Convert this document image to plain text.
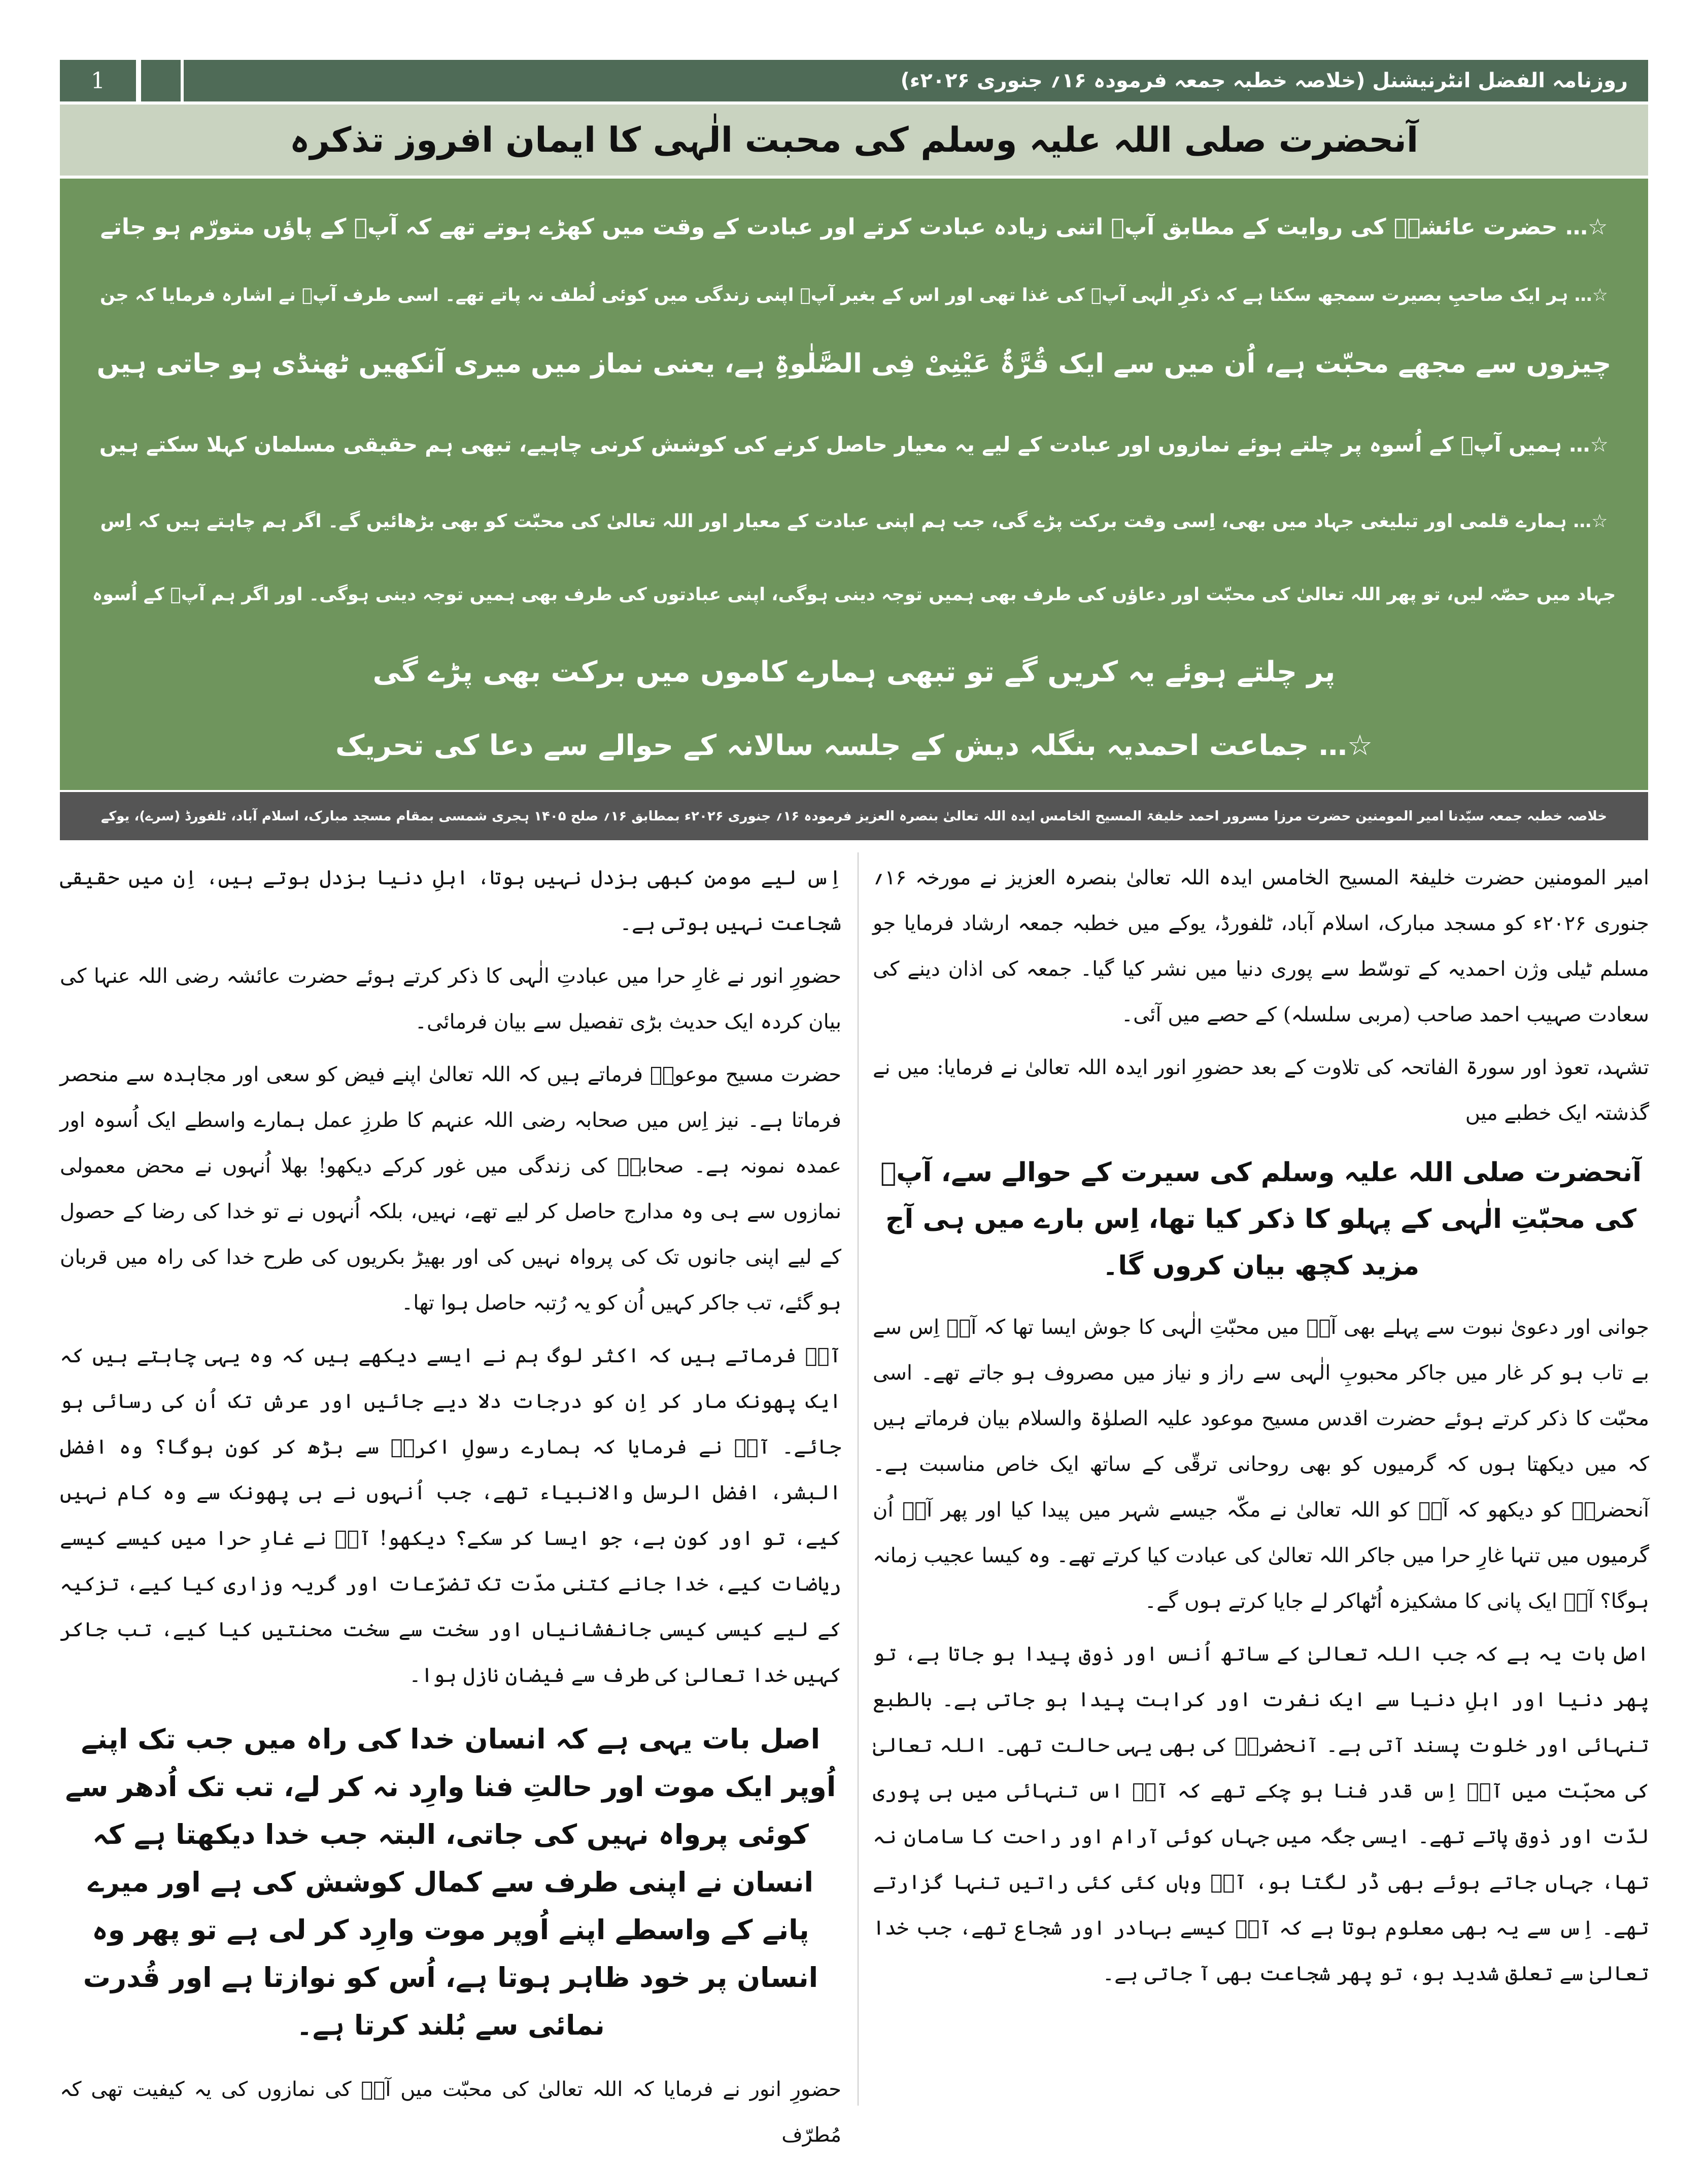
1	روزنامہ الفضل انٹرنیشنل (خلاصہ خطبہ جمعہ فرمودہ ۱۶؍ جنوری ۲۰۲۶ء)
آنحضرت صلی اللہ علیہ وسلم کی محبت الٰہی کا ایمان افروز تذکرہ
☆… حضرت عائشہؓ کی روایت کے مطابق آپؐ اتنی زیادہ عبادت کرتے اور عبادت کے وقت میں کھڑے ہوتے تھے کہ آپؐ کے پاؤں متورّم ہو جاتے
☆… ہر ایک صاحبِ بصیرت سمجھ سکتا ہے کہ ذکرِ الٰہی آپؐ کی غذا تھی اور اس کے بغیر آپؐ اپنی زندگی میں کوئی لُطف نہ پاتے تھے۔ اسی طرف آپؐ نے اشارہ فرمایا کہ جن
چیزوں سے مجھے محبّت ہے، اُن میں سے ایک قُرَّۃُ عَیْنِیْ فِی الصَّلٰوۃِ ہے، یعنی نماز میں میری آنکھیں ٹھنڈی ہو جاتی ہیں
☆… ہمیں آپؐ کے اُسوہ پر چلتے ہوئے نمازوں اور عبادت کے لیے یہ معیار حاصل کرنے کی کوشش کرنی چاہیے، تبھی ہم حقیقی مسلمان کہلا سکتے ہیں
☆… ہمارے قلمی اور تبلیغی جہاد میں بھی، اِسی وقت برکت پڑے گی، جب ہم اپنی عبادت کے معیار اور اللہ تعالیٰ کی محبّت کو بھی بڑھائیں گے۔ اگر ہم چاہتے ہیں کہ اِس
جہاد میں حصّہ لیں، تو پھر اللہ تعالیٰ کی محبّت اور دعاؤں کی طرف بھی ہمیں توجہ دینی ہوگی، اپنی عبادتوں کی طرف بھی ہمیں توجہ دینی ہوگی۔ اور اگر ہم آپؐ کے اُسوہ
پر چلتے ہوئے یہ کریں گے تو تبھی ہمارے کاموں میں برکت بھی پڑے گی
☆… جماعت احمدیہ بنگلہ دیش کے جلسہ سالانہ کے حوالے سے دعا کی تحریک
خلاصہ خطبہ جمعہ سیّدنا امیر المومنین حضرت مرزا مسرور احمد خلیفۃ المسیح الخامس ایدہ اللہ تعالیٰ بنصرہ العزیز فرمودہ ۱۶؍ جنوری ۲۰۲۶ء بمطابق ۱۶؍ صلح ۱۴۰۵ ہجری شمسی بمقام مسجد مبارک، اسلام آباد، ٹلفورڈ (سرے)، یوکے

امیر المومنین حضرت خلیفۃ المسیح الخامس ایدہ اللہ تعالیٰ بنصرہ العزیز نے مورخہ ۱۶؍ جنوری ۲۰۲۶ء کو مسجد مبارک، اسلام آباد، ٹلفورڈ، یوکے میں خطبہ جمعہ ارشاد فرمایا جو مسلم ٹیلی وژن احمدیہ کے توسّط سے پوری دنیا میں نشر کیا گیا۔ جمعہ کی اذان دینے کی سعادت صہیب احمد صاحب (مربی سلسلہ) کے حصے میں آئی۔

تشہد، تعوذ اور سورۃ الفاتحہ کی تلاوت کے بعد حضورِ انور ایدہ اللہ تعالیٰ نے فرمایا: میں نے گذشتہ ایک خطبے میں

آنحضرت صلی اللہ علیہ وسلم کی سیرت کے حوالے سے، آپؐ کی محبّتِ الٰہی کے پہلو کا ذکر کیا تھا، اِس بارے میں ہی آج مزید کچھ بیان کروں گا۔

جوانی اور دعویٰ نبوت سے پہلے بھی آپؐ میں محبّتِ الٰہی کا جوش ایسا تھا کہ آپؐ اِس سے بے تاب ہو کر غار میں جاکر محبوبِ الٰہی سے راز و نیاز میں مصروف ہو جاتے تھے۔ اسی محبّت کا ذکر کرتے ہوئے حضرت اقدس مسیح موعود علیہ الصلوٰۃ والسلام بیان فرماتے ہیں کہ میں دیکھتا ہوں کہ گرمیوں کو بھی روحانی ترقّی کے ساتھ ایک خاص مناسبت ہے۔ آنحضرتؐ کو دیکھو کہ آپؐ کو اللہ تعالیٰ نے مکّہ جیسے شہر میں پیدا کیا اور پھر آپؐ اُن گرمیوں میں تنہا غارِ حرا میں جاکر اللہ تعالیٰ کی عبادت کیا کرتے تھے۔ وہ کیسا عجیب زمانہ ہوگا؟ آپؐ ایک پانی کا مشکیزہ اُٹھاکر لے جایا کرتے ہوں گے۔

اصل بات یہ ہے کہ جب اللہ تعالیٰ کے ساتھ اُنس اور ذوق پیدا ہو جاتا ہے، تو پھر دنیا اور اہلِ دنیا سے ایک نفرت اور کراہت پیدا ہو جاتی ہے۔ بالطبع تنہائی اور خلوت پسند آتی ہے۔ آنحضرتؐ کی بھی یہی حالت تھی۔ اللہ تعالیٰ کی محبّت میں آپؐ اِس قدر فنا ہو چکے تھے کہ آپؐ اس تنہائی میں ہی پوری لذّت اور ذوق پاتے تھے۔ ایسی جگہ میں جہاں کوئی آرام اور راحت کا سامان نہ تھا، جہاں جاتے ہوئے بھی ڈر لگتا ہو، آپؐ وہاں کئی کئی راتیں تنہا گزارتے تھے۔ اِس سے یہ بھی معلوم ہوتا ہے کہ آپؐ کیسے بہادر اور شجاع تھے، جب خدا تعالیٰ سے تعلق شدید ہو، تو پھر شجاعت بھی آ جاتی ہے۔

اِس لیے مومن کبھی بزدل نہیں ہوتا، اہلِ دنیا بزدل ہوتے ہیں، اِن میں حقیقی شجاعت نہیں ہوتی ہے۔

حضورِ انور نے غارِ حرا میں عبادتِ الٰہی کا ذکر کرتے ہوئے حضرت عائشہ رضی اللہ عنہا کی بیان کردہ ایک حدیث بڑی تفصیل سے بیان فرمائی۔

حضرت مسیح موعودؑ فرماتے ہیں کہ اللہ تعالیٰ اپنے فیض کو سعی اور مجاہدہ سے منحصر فرماتا ہے۔ نیز اِس میں صحابہ رضی اللہ عنہم کا طرزِ عمل ہمارے واسطے ایک اُسوہ اور عمدہ نمونہ ہے۔ صحابہؓ کی زندگی میں غور کرکے دیکھو! بھلا اُنہوں نے محض معمولی نمازوں سے ہی وہ مدارج حاصل کر لیے تھے، نہیں، بلکہ اُنہوں نے تو خدا کی رضا کے حصول کے لیے اپنی جانوں تک کی پرواہ نہیں کی اور بھیڑ بکریوں کی طرح خدا کی راہ میں قربان ہو گئے، تب جاکر کہیں اُن کو یہ رُتبہ حاصل ہوا تھا۔

آپؑ فرماتے ہیں کہ اکثر لوگ ہم نے ایسے دیکھے ہیں کہ وہ یہی چاہتے ہیں کہ ایک پھونک مار کر اِن کو درجات دلا دیے جائیں اور عرش تک اُن کی رسائی ہو جائے۔ آپؑ نے فرمایا کہ ہمارے رسولِ اکرمؐ سے بڑھ کر کون ہوگا؟ وہ افضل البشر، افضل الرسل والانبیاء تھے، جب اُنہوں نے ہی پھونک سے وہ کام نہیں کیے، تو اور کون ہے، جو ایسا کر سکے؟ دیکھو! آپؐ نے غارِ حرا میں کیسے کیسے ریاضات کیے، خدا جانے کتنی مدّت تک تضرّعات اور گریہ وزاری کیا کیے، تزکیہ کے لیے کیسی کیسی جانفشانیاں اور سخت سے سخت محنتیں کیا کیے، تب جاکر کہیں خدا تعالیٰ کی طرف سے فیضان نازل ہوا۔

اصل بات یہی ہے کہ انسان خدا کی راہ میں جب تک اپنے اُوپر ایک موت اور حالتِ فنا وارِد نہ کر لے، تب تک اُدھر سے کوئی پرواہ نہیں کی جاتی، البتہ جب خدا دیکھتا ہے کہ انسان نے اپنی طرف سے کمال کوشش کی ہے اور میرے پانے کے واسطے اپنے اُوپر موت وارِد کر لی ہے تو پھر وہ انسان پر خود ظاہر ہوتا ہے، اُس کو نوازتا ہے اور قُدرت نمائی سے بُلند کرتا ہے۔

حضورِ انور نے فرمایا کہ اللہ تعالیٰ کی محبّت میں آپؐ کی نمازوں کی یہ کیفیت تھی کہ مُطرّف
